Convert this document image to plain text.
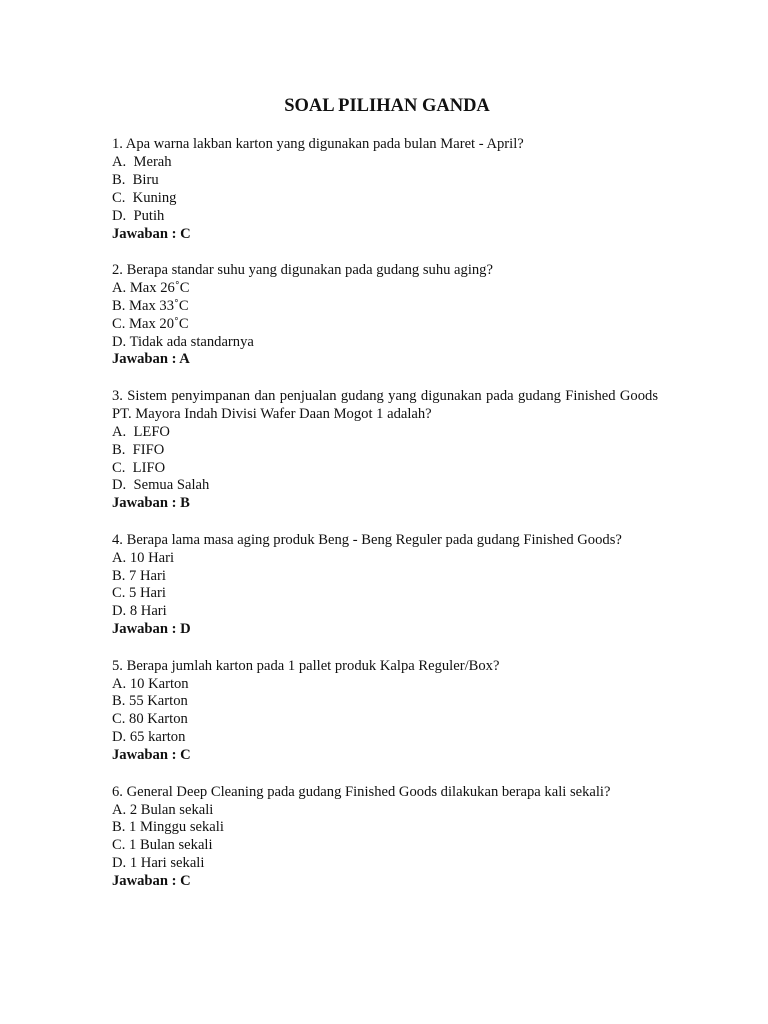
SOAL PILIHAN GANDA

1. Apa warna lakban karton yang digunakan pada bulan Maret - April?

A.  Merah
B.  Biru
C.  Kuning
D.  Putih

Jawaban : C

2. Berapa standar suhu yang digunakan pada gudang suhu aging?

A. Max 26˚C
B. Max 33˚C
C. Max 20˚C
D. Tidak ada standarnya

Jawaban : A

3. Sistem penyimpanan dan penjualan gudang yang digunakan pada gudang Finished Goods PT. Mayora Indah Divisi Wafer Daan Mogot 1 adalah?

A.  LEFO
B.  FIFO
C.  LIFO
D.  Semua Salah

Jawaban : B

4. Berapa lama masa aging produk Beng - Beng Reguler pada gudang Finished Goods?

A. 10 Hari
B. 7 Hari
C. 5 Hari
D. 8 Hari

Jawaban : D

5. Berapa jumlah karton pada 1 pallet produk Kalpa Reguler/Box?

A. 10 Karton
B. 55 Karton
C. 80 Karton
D. 65 karton

Jawaban : C

6. General Deep Cleaning pada gudang Finished Goods dilakukan berapa kali sekali?

A. 2 Bulan sekali
B. 1 Minggu sekali
C. 1 Bulan sekali
D. 1 Hari sekali

Jawaban : C
